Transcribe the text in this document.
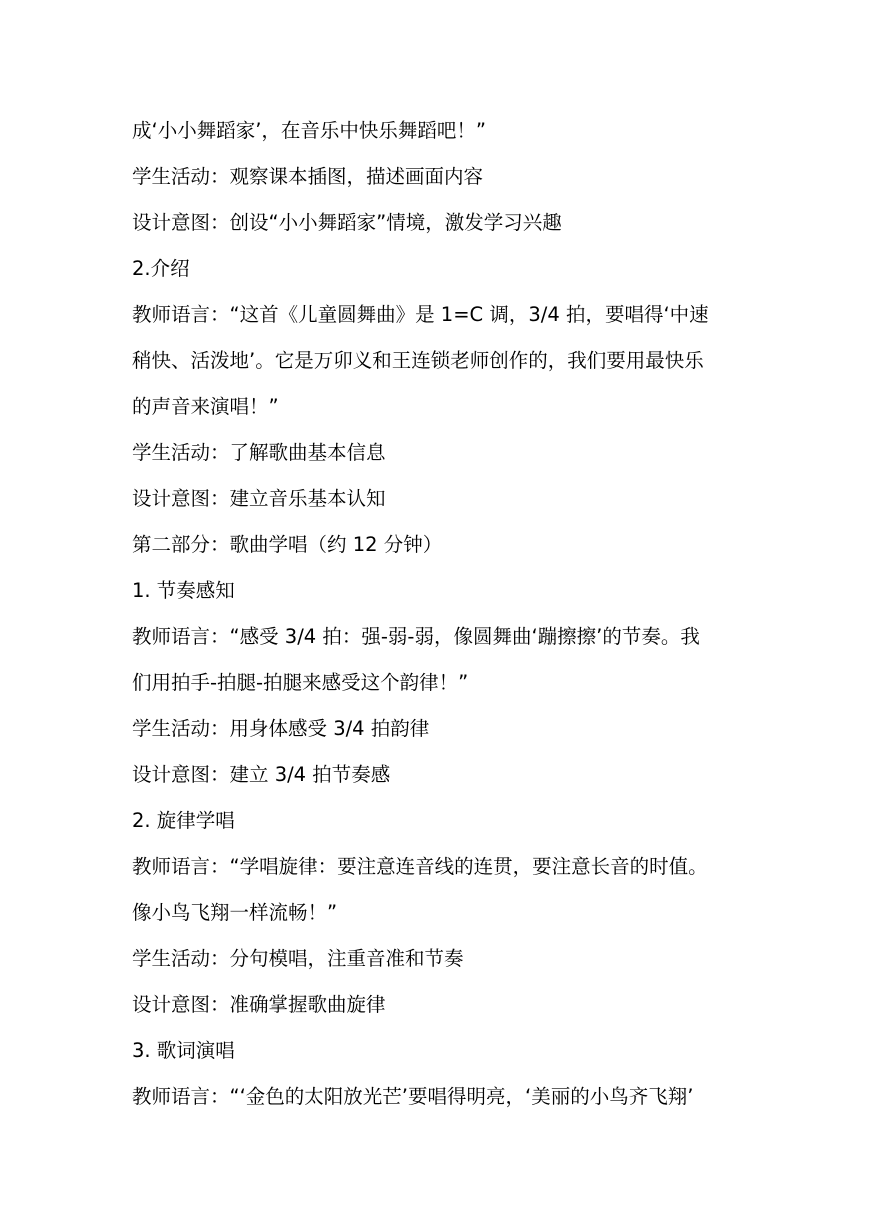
成‘小小舞蹈家’，在音乐中快乐舞蹈吧！”
学生活动：观察课本插图，描述画面内容
设计意图：创设“小小舞蹈家”情境，激发学习兴趣
2.介绍
教师语言：“这首《儿童圆舞曲》是 1=C 调，3/4 拍，要唱得‘中速
稍快、活泼地’。它是万卯义和王连锁老师创作的，我们要用最快乐
的声音来演唱！”
学生活动：了解歌曲基本信息
设计意图：建立音乐基本认知
第二部分：歌曲学唱（约 12 分钟）
1. 节奏感知
教师语言：“感受 3/4 拍：强-弱-弱，像圆舞曲‘蹦擦擦’的节奏。我
们用拍手-拍腿-拍腿来感受这个韵律！”
学生活动：用身体感受 3/4 拍韵律
设计意图：建立 3/4 拍节奏感
2. 旋律学唱
教师语言：“学唱旋律：要注意连音线的连贯，要注意长音的时值。
像小鸟飞翔一样流畅！”
学生活动：分句模唱，注重音准和节奏
设计意图：准确掌握歌曲旋律
3. 歌词演唱
教师语言：“‘金色的太阳放光芒’要唱得明亮，‘美丽的小鸟齐飞翔’
